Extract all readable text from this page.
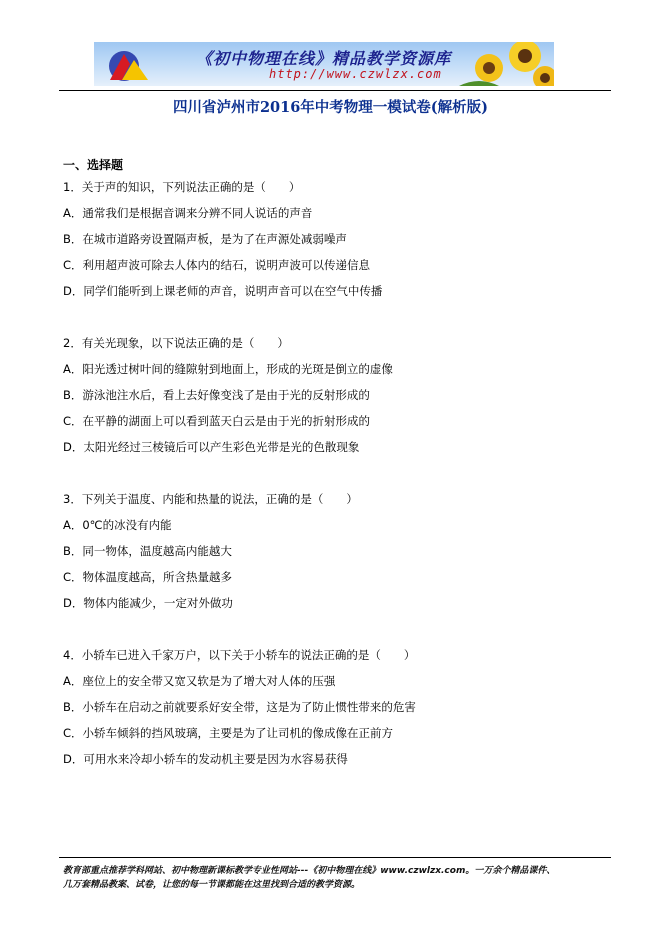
《初中物理在线》精品教学资源库
http://www.czwlzx.com
四川省泸州市2016年中考物理一模试卷(解析版)
一、选择题
1．关于声的知识，下列说法正确的是（　　）
A．通常我们是根据音调来分辨不同人说话的声音
B．在城市道路旁设置隔声板，是为了在声源处减弱噪声
C．利用超声波可除去人体内的结石，说明声波可以传递信息
D．同学们能听到上课老师的声音，说明声音可以在空气中传播
2．有关光现象，以下说法正确的是（　　）
A．阳光透过树叶间的缝隙射到地面上，形成的光斑是倒立的虚像
B．游泳池注水后，看上去好像变浅了是由于光的反射形成的
C．在平静的湖面上可以看到蓝天白云是由于光的折射形成的
D．太阳光经过三棱镜后可以产生彩色光带是光的色散现象
3．下列关于温度、内能和热量的说法，正确的是（　　）
A．0℃的冰没有内能
B．同一物体，温度越高内能越大
C．物体温度越高，所含热量越多
D．物体内能减少，一定对外做功
4．小轿车已进入千家万户，以下关于小轿车的说法正确的是（　　）
A．座位上的安全带又宽又软是为了增大对人体的压强
B．小轿车在启动之前就要系好安全带，这是为了防止惯性带来的危害
C．小轿车倾斜的挡风玻璃，主要是为了让司机的像成像在正前方
D．可用水来冷却小轿车的发动机主要是因为水容易获得
教育部重点推荐学科网站、初中物理新课标教学专业性网站---《初中物理在线》www.czwlzx.com。一万余个精品课件、
几万套精品教案、试卷，让您的每一节课都能在这里找到合适的教学资源。
